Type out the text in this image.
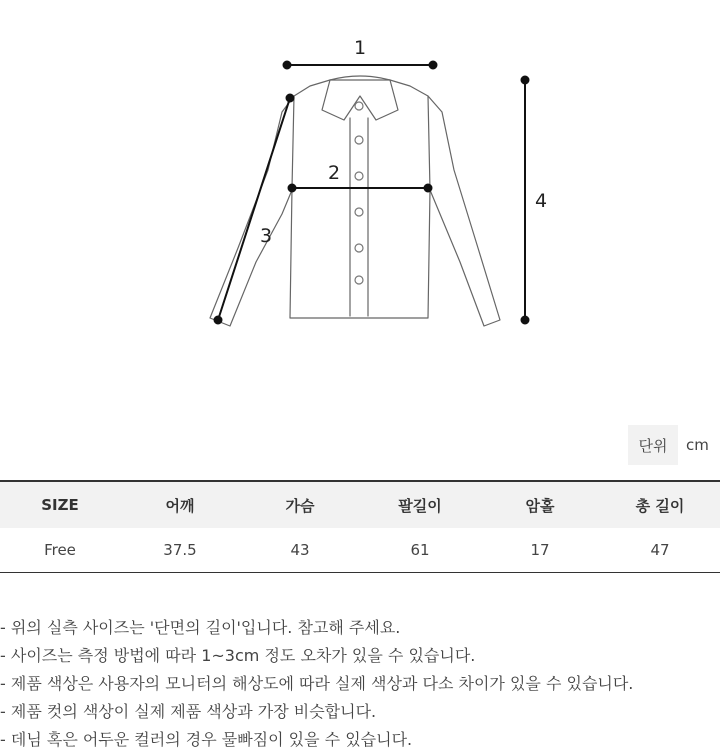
1
2
3
4
단위	cm
SIZE	어깨	가슴	팔길이	암홀	총 길이
Free	37.5	43	61	17	47
- 위의 실측 사이즈는 '단면의 길이'입니다. 참고해 주세요.
- 사이즈는 측정 방법에 따라 1~3cm 정도 오차가 있을 수 있습니다.
- 제품 색상은 사용자의 모니터의 해상도에 따라 실제 색상과 다소 차이가 있을 수 있습니다.
- 제품 컷의 색상이 실제 제품 색상과 가장 비슷합니다.
- 데님 혹은 어두운 컬러의 경우 물빠짐이 있을 수 있습니다.
